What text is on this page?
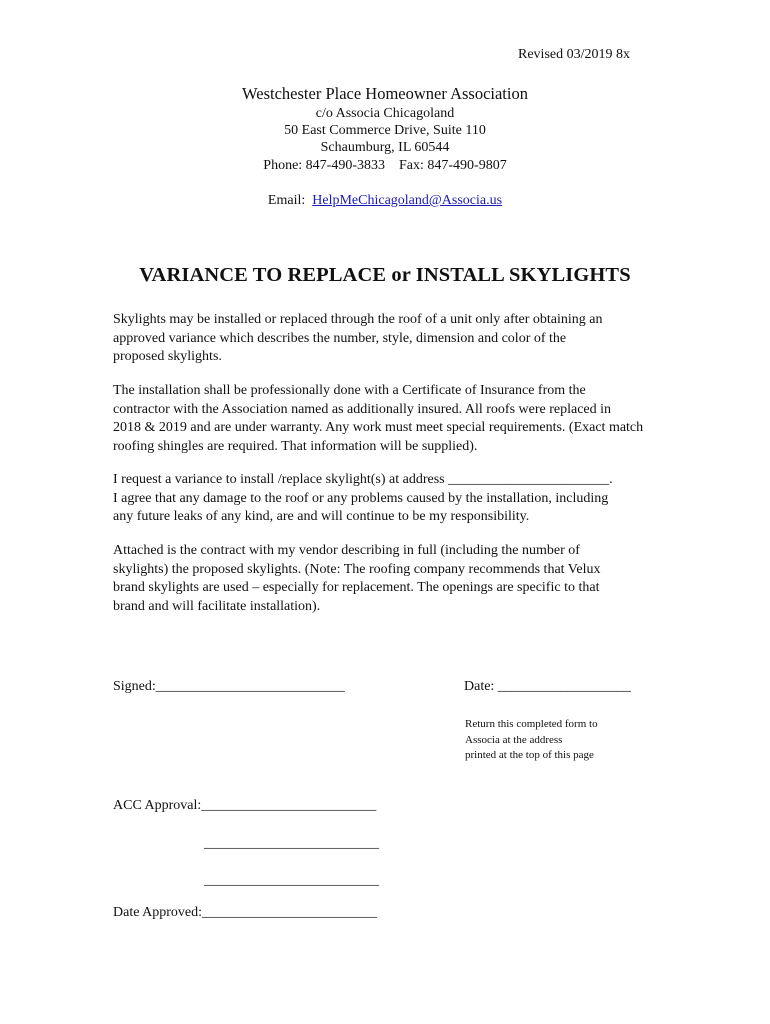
Revised 03/2019 8x
Westchester Place Homeowner Association
c/o Associa Chicagoland
50 East Commerce Drive, Suite 110
Schaumburg, IL 60544
Phone: 847-490-3833    Fax: 847-490-9807
Email: HelpMeChicagoland@Associa.us
VARIANCE TO REPLACE or INSTALL SKYLIGHTS
Skylights may be installed or replaced through the roof of a unit only after obtaining an
approved variance which describes the number, style, dimension and color of the
proposed skylights.
The installation shall be professionally done with a Certificate of Insurance from the
contractor with the Association named as additionally insured. All roofs were replaced in
2018 & 2019 and are under warranty. Any work must meet special requirements. (Exact match
roofing shingles are required. That information will be supplied).
I request a variance to install /replace skylight(s) at address _______________________.
I agree that any damage to the roof or any problems caused by the installation, including
any future leaks of any kind, are and will continue to be my responsibility.
Attached is the contract with my vendor describing in full (including the number of
skylights) the proposed skylights. (Note: The roofing company recommends that Velux
brand skylights are used – especially for replacement. The openings are specific to that
brand and will facilitate installation).
Signed:___________________________	Date: ___________________
Return this completed form to
Associa at the address
printed at the top of this page
ACC Approval:_________________________
_________________________
_________________________
Date Approved:_________________________
